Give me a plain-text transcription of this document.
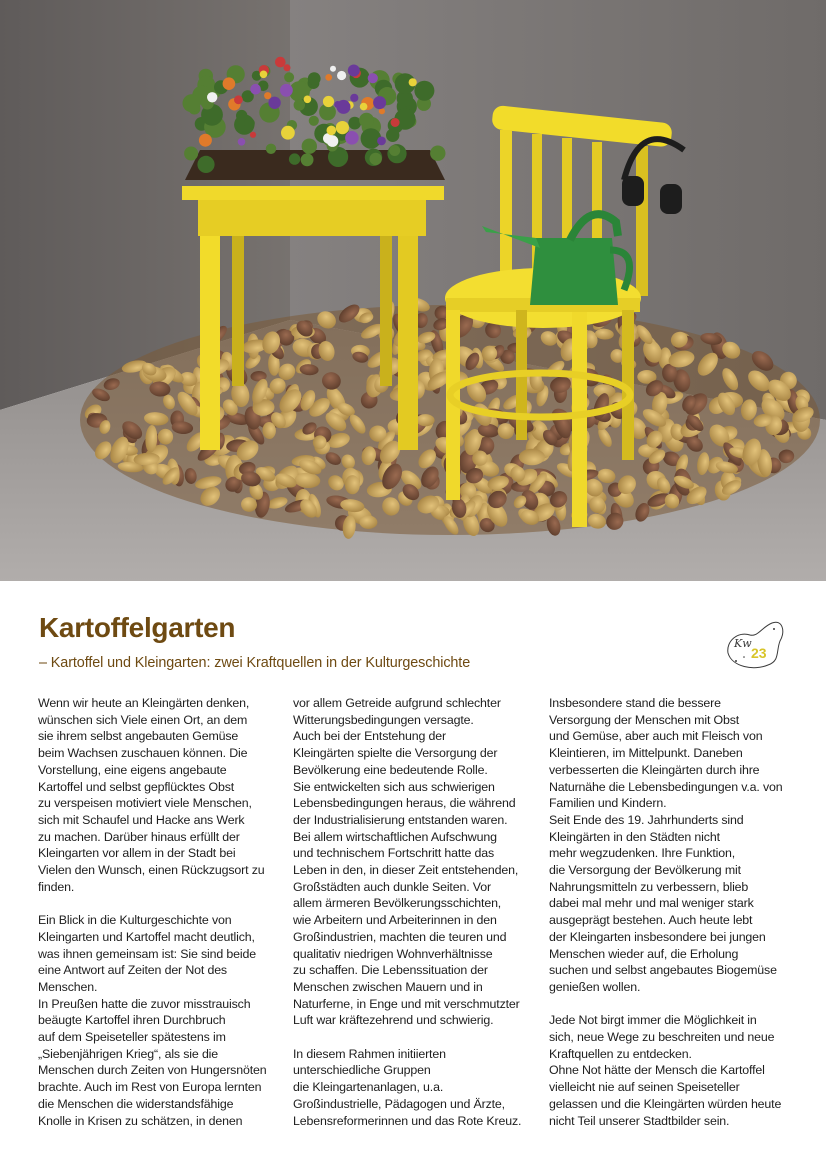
Kartoffelgarten

– Kartoffel und Kleingarten: zwei Kraftquellen in der Kulturgeschichte

Kw
23

Wenn wir heute an Kleingärten denken,
wünschen sich Viele einen Ort, an dem
sie ihrem selbst angebauten Gemüse
beim Wachsen zuschauen können. Die
Vorstellung, eine eigens angebaute
Kartoffel und selbst gepflücktes Obst
zu verspeisen motiviert viele Menschen,
sich mit Schaufel und Hacke ans Werk
zu machen. Darüber hinaus erfüllt der
Kleingarten vor allem in der Stadt bei
Vielen den Wunsch, einen Rückzugsort zu
finden.

Ein Blick in die Kulturgeschichte von
Kleingarten und Kartoffel macht deutlich,
was ihnen gemeinsam ist: Sie sind beide
eine Antwort auf Zeiten der Not des
Menschen.
In Preußen hatte die zuvor misstrauisch
beäugte Kartoffel ihren Durchbruch
auf dem Speiseteller spätestens im
„Siebenjährigen Krieg“, als sie die
Menschen durch Zeiten von Hungersnöten
brachte. Auch im Rest von Europa lernten
die Menschen die widerstandsfähige
Knolle in Krisen zu schätzen, in denen

vor allem Getreide aufgrund schlechter
Witterungsbedingungen versagte.
Auch bei der Entstehung der
Kleingärten spielte die Versorgung der
Bevölkerung eine bedeutende Rolle.
Sie entwickelten sich aus schwierigen
Lebensbedingungen heraus, die während
der Industrialisierung entstanden waren.
Bei allem wirtschaftlichen Aufschwung
und technischem Fortschritt hatte das
Leben in den, in dieser Zeit entstehenden,
Großstädten auch dunkle Seiten. Vor
allem ärmeren Bevölkerungsschichten,
wie Arbeitern und Arbeiterinnen in den
Großindustrien, machten die teuren und
qualitativ niedrigen Wohnverhältnisse
zu schaffen. Die Lebenssituation der
Menschen zwischen Mauern und in
Naturferne, in Enge und mit verschmutzter
Luft war kräftezehrend und schwierig.

In diesem Rahmen initiierten
unterschiedliche Gruppen
die Kleingartenanlagen, u.a.
Großindustrielle, Pädagogen und Ärzte,
Lebensreformerinnen und das Rote Kreuz.

Insbesondere stand die bessere
Versorgung der Menschen mit Obst
und Gemüse, aber auch mit Fleisch von
Kleintieren, im Mittelpunkt. Daneben
verbesserten die Kleingärten durch ihre
Naturnähe die Lebensbedingungen v.a. von
Familien und Kindern.
Seit Ende des 19. Jahrhunderts sind
Kleingärten in den Städten nicht
mehr wegzudenken. Ihre Funktion,
die Versorgung der Bevölkerung mit
Nahrungsmitteln zu verbessern, blieb
dabei mal mehr und mal weniger stark
ausgeprägt bestehen. Auch heute lebt
der Kleingarten insbesondere bei jungen
Menschen wieder auf, die Erholung
suchen und selbst angebautes Biogemüse
genießen wollen.

Jede Not birgt immer die Möglichkeit in
sich, neue Wege zu beschreiten und neue
Kraftquellen zu entdecken.
Ohne Not hätte der Mensch die Kartoffel
vielleicht nie auf seinen Speiseteller
gelassen und die Kleingärten würden heute
nicht Teil unserer Stadtbilder sein.
